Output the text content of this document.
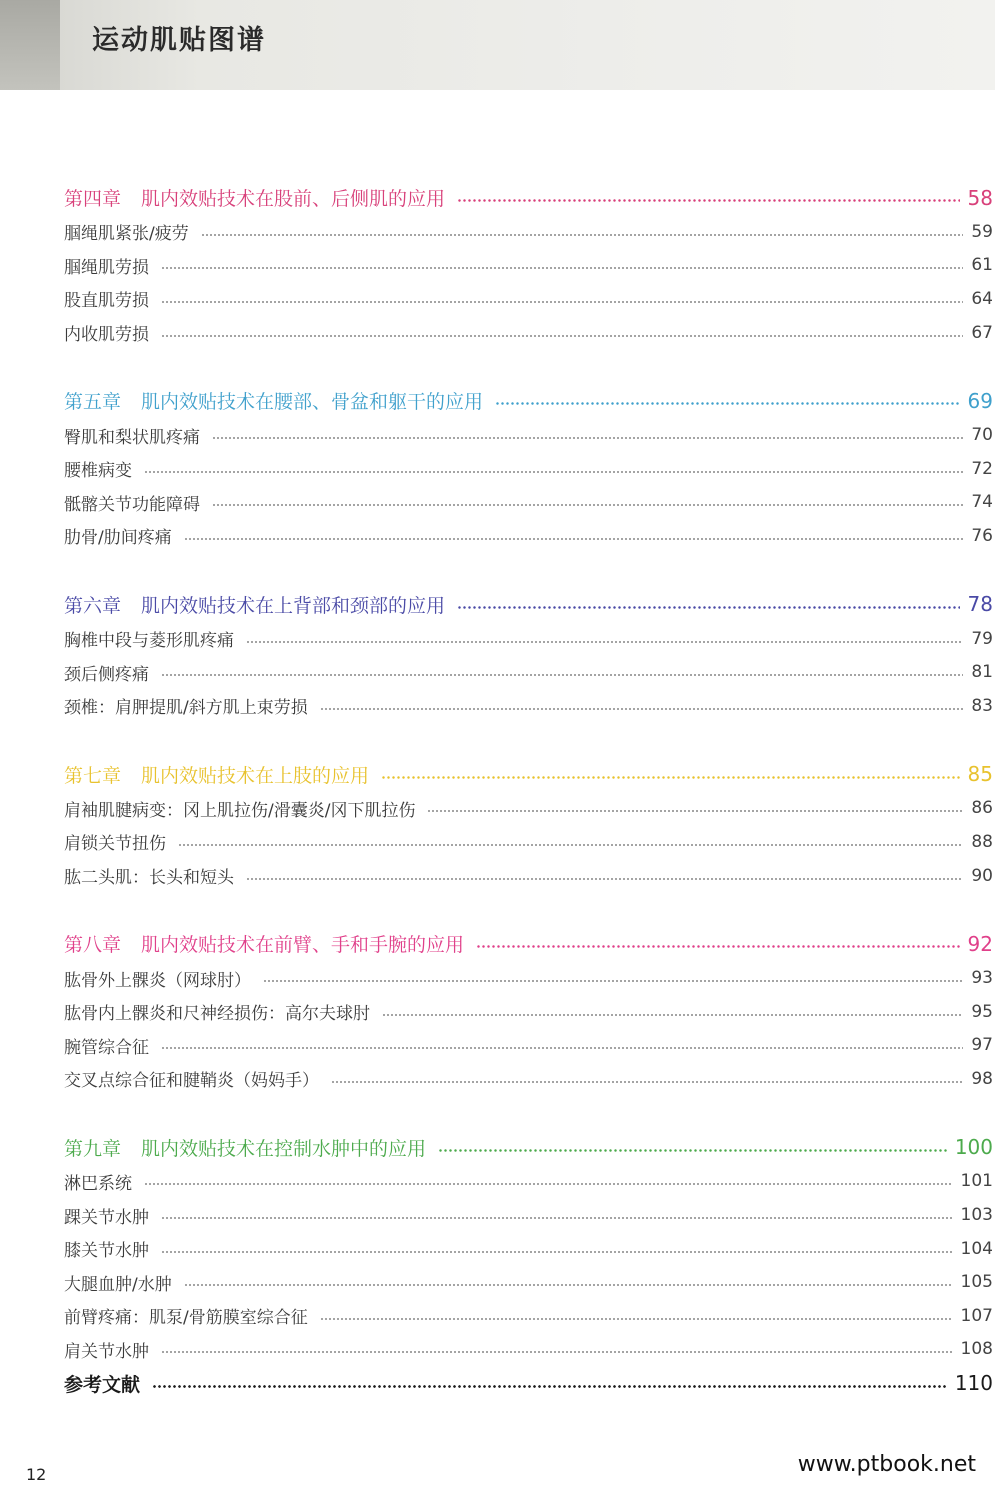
运动肌贴图谱
第四章 肌内效贴技术在股前、后侧肌的应用	58
腘绳肌紧张/疲劳	59
腘绳肌劳损	61
股直肌劳损	64
内收肌劳损	67
第五章 肌内效贴技术在腰部、骨盆和躯干的应用	69
臀肌和梨状肌疼痛	70
腰椎病变	72
骶髂关节功能障碍	74
肋骨/肋间疼痛	76
第六章 肌内效贴技术在上背部和颈部的应用	78
胸椎中段与菱形肌疼痛	79
颈后侧疼痛	81
颈椎：肩胛提肌/斜方肌上束劳损	83
第七章 肌内效贴技术在上肢的应用	85
肩袖肌腱病变：冈上肌拉伤/滑囊炎/冈下肌拉伤	86
肩锁关节扭伤	88
肱二头肌：长头和短头	90
第八章 肌内效贴技术在前臂、手和手腕的应用	92
肱骨外上髁炎（网球肘）	93
肱骨内上髁炎和尺神经损伤：高尔夫球肘	95
腕管综合征	97
交叉点综合征和腱鞘炎（妈妈手）	98
第九章 肌内效贴技术在控制水肿中的应用	100
淋巴系统	101
踝关节水肿	103
膝关节水肿	104
大腿血肿/水肿	105
前臂疼痛：肌泵/骨筋膜室综合征	107
肩关节水肿	108
参考文献	110
12	www.ptbook.net
